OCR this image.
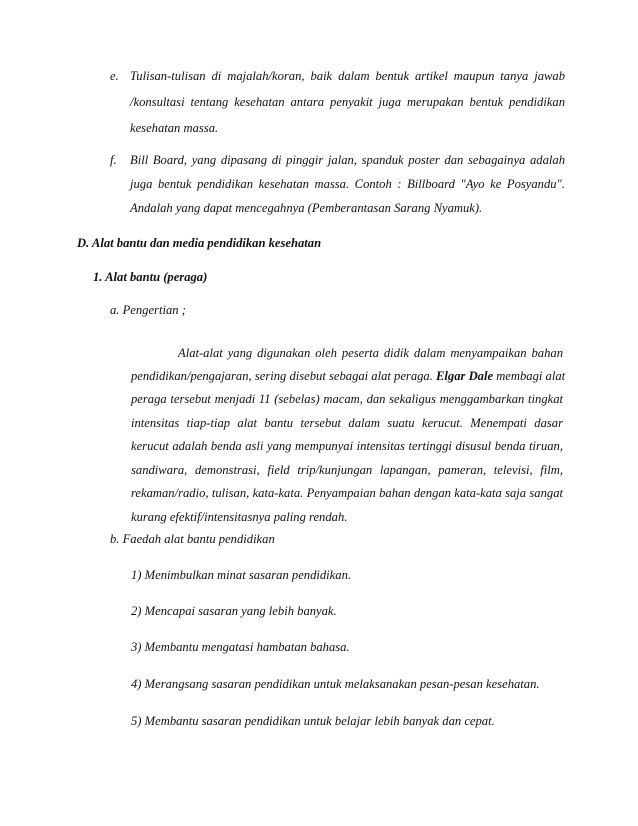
e. Tulisan-tulisan di majalah/koran, baik dalam bentuk artikel maupun tanya jawab
/konsultasi tentang kesehatan antara penyakit juga merupakan bentuk pendidikan
kesehatan massa.
f. Bill Board, yang dipasang di pinggir jalan, spanduk poster dan sebagainya adalah
juga bentuk pendidikan kesehatan massa. Contoh : Billboard "Ayo ke Posyandu".
Andalah yang dapat mencegahnya (Pemberantasan Sarang Nyamuk).
D. Alat bantu dan media pendidikan kesehatan
1. Alat bantu (peraga)
a. Pengertian ;
Alat-alat yang digunakan oleh peserta didik dalam menyampaikan bahan
pendidikan/pengajaran, sering disebut sebagai alat peraga. Elgar Dale membagi alat
peraga tersebut menjadi 11 (sebelas) macam, dan sekaligus menggambarkan tingkat
intensitas tiap-tiap alat bantu tersebut dalam suatu kerucut. Menempati dasar
kerucut adalah benda asli yang mempunyai intensitas tertinggi disusul benda tiruan,
sandiwara, demonstrasi, field trip/kunjungan lapangan, pameran, televisi, film,
rekaman/radio, tulisan, kata-kata. Penyampaian bahan dengan kata-kata saja sangat
kurang efektif/intensitasnya paling rendah.
b. Faedah alat bantu pendidikan
1) Menimbulkan minat sasaran pendidikan.
2) Mencapai sasaran yang lebih banyak.
3) Membantu mengatasi hambatan bahasa.
4) Merangsang sasaran pendidikan untuk melaksanakan pesan-pesan kesehatan.
5) Membantu sasaran pendidikan untuk belajar lebih banyak dan cepat.
